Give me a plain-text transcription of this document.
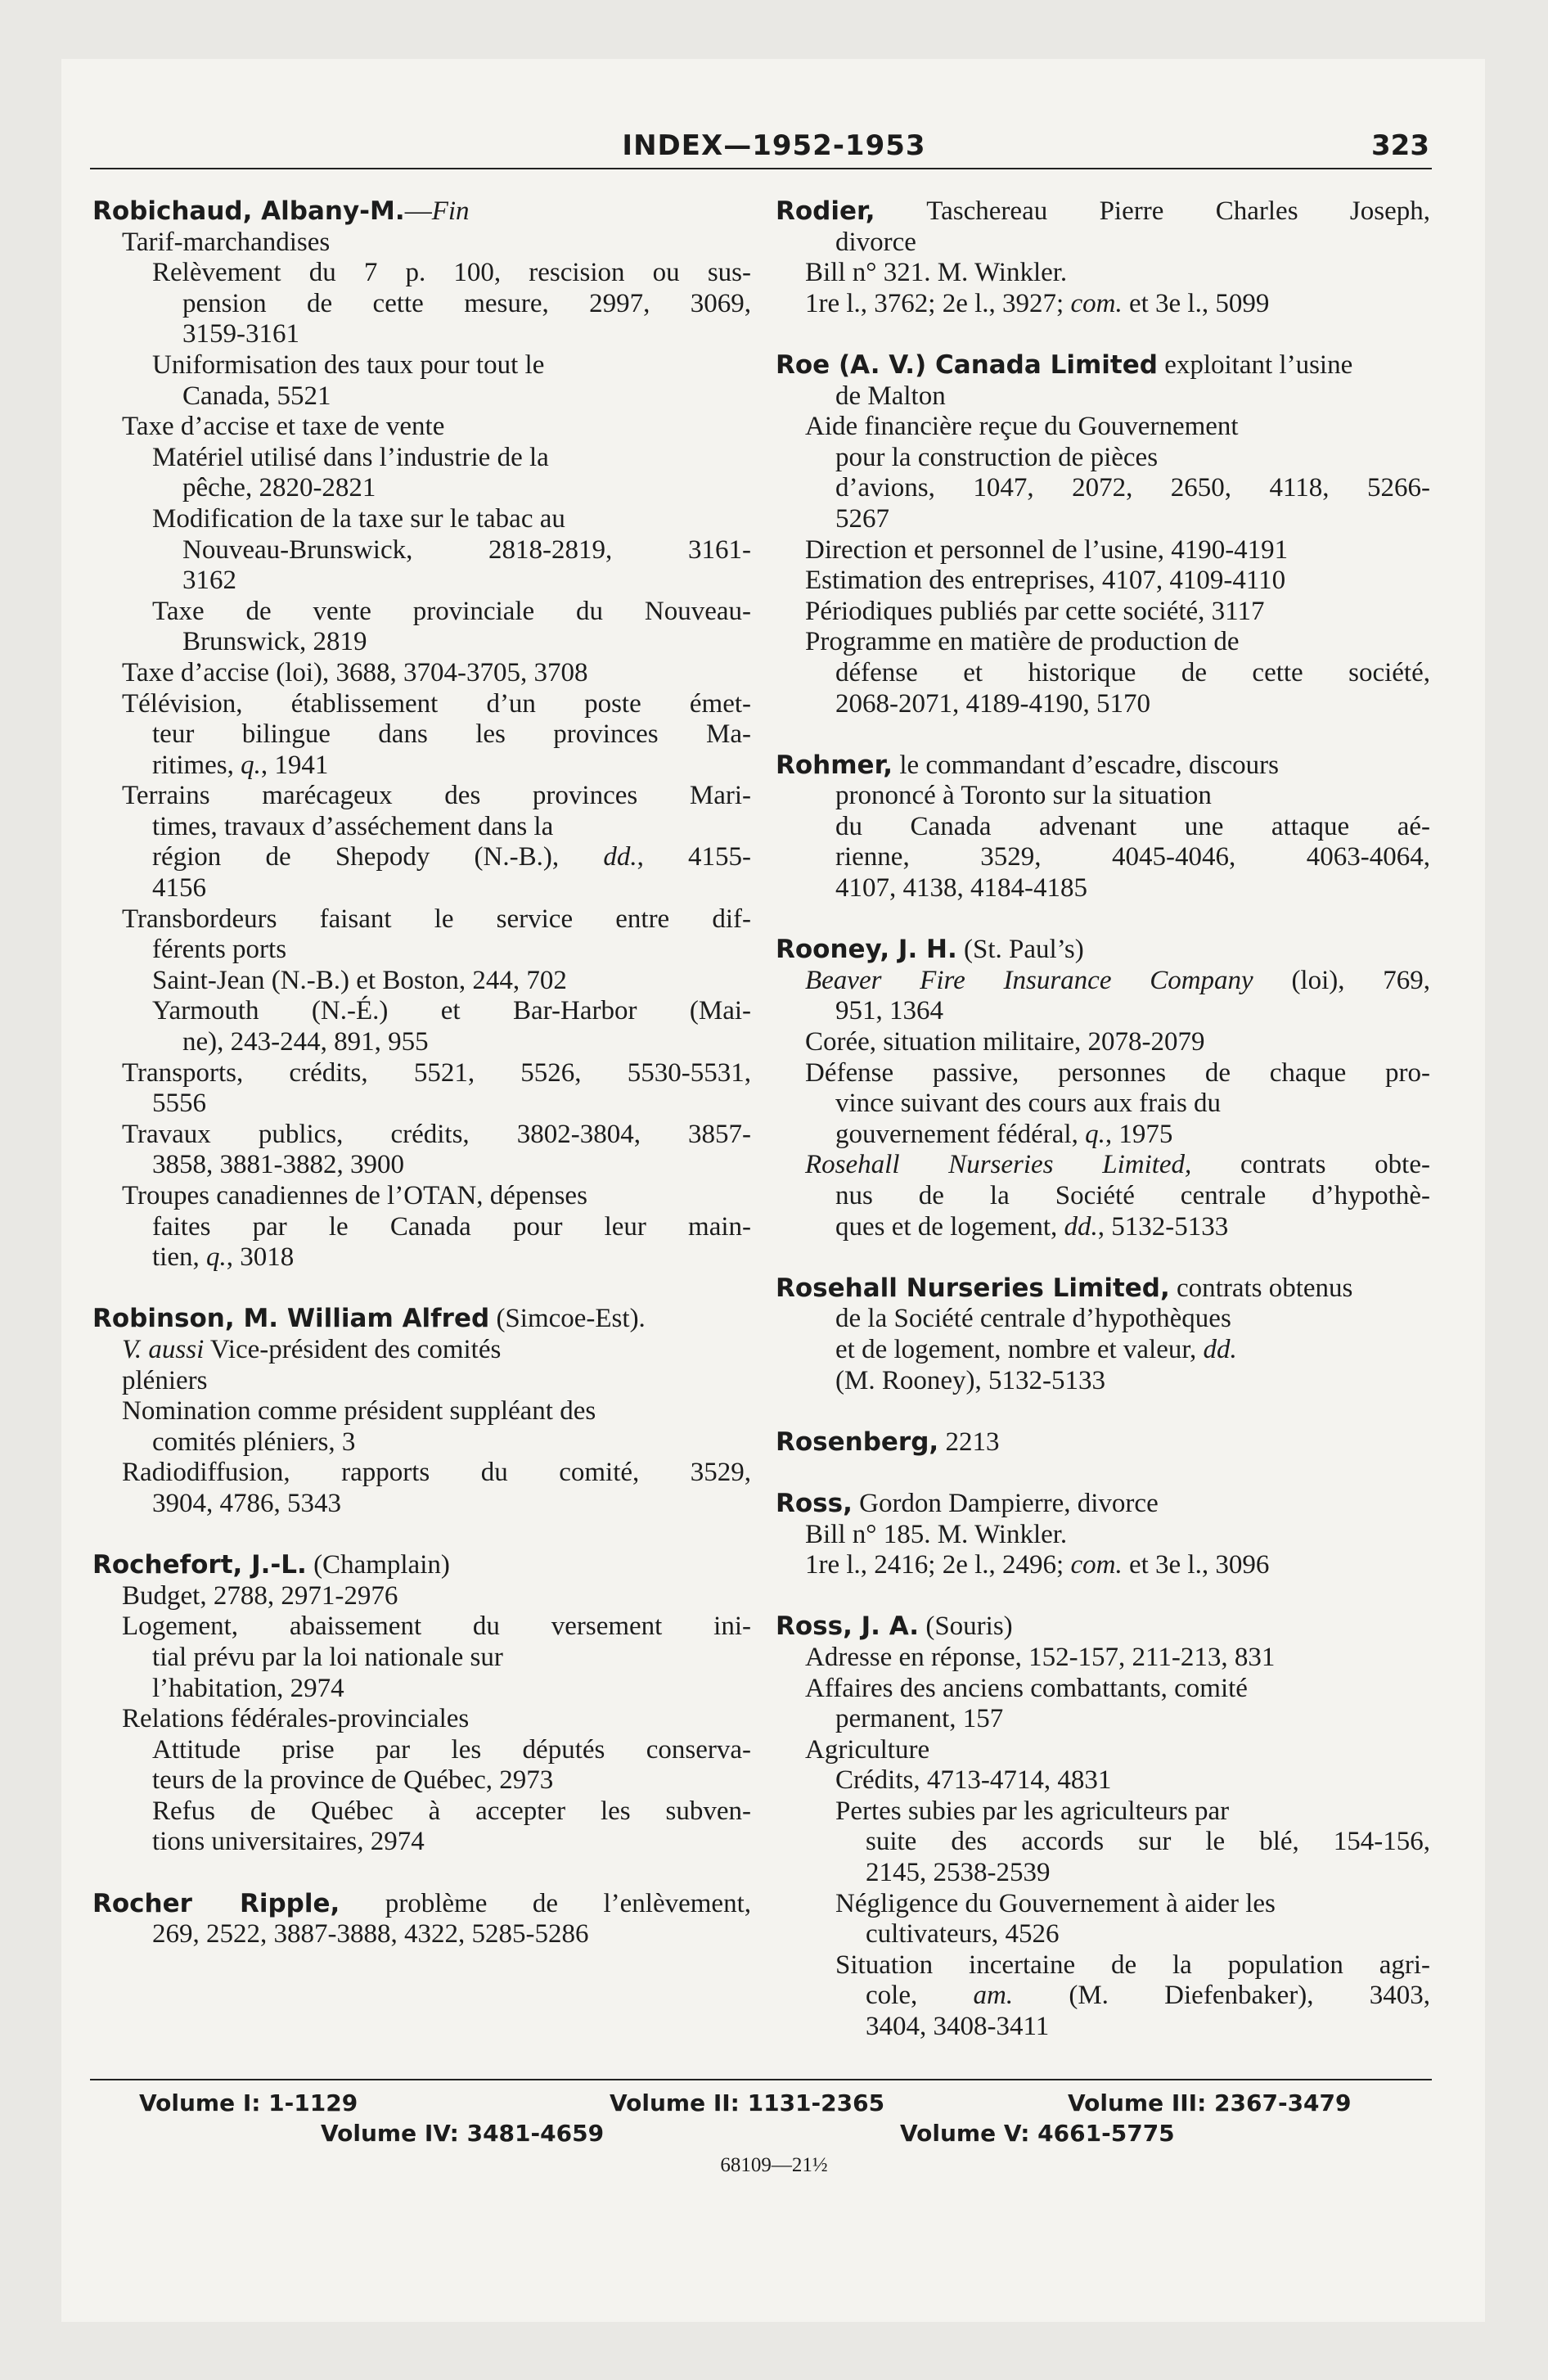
INDEX—1952-1953	323
Robichaud, Albany-M.—Fin
Tarif-marchandises
Relèvement du 7 p. 100, rescision ou sus-
pension de cette mesure, 2997, 3069,
3159-3161
Uniformisation des taux pour tout le
Canada, 5521
Taxe d’accise et taxe de vente
Matériel utilisé dans l’industrie de la
pêche, 2820-2821
Modification de la taxe sur le tabac au
Nouveau-Brunswick, 2818-2819, 3161-
3162
Taxe de vente provinciale du Nouveau-
Brunswick, 2819
Taxe d’accise (loi), 3688, 3704-3705, 3708
Télévision, établissement d’un poste émet-
teur bilingue dans les provinces Ma-
ritimes, q., 1941
Terrains marécageux des provinces Mari-
times, travaux d’asséchement dans la
région de Shepody (N.-B.), dd., 4155-
4156
Transbordeurs faisant le service entre dif-
férents ports
Saint-Jean (N.-B.) et Boston, 244, 702
Yarmouth (N.-É.) et Bar-Harbor (Mai-
ne), 243-244, 891, 955
Transports, crédits, 5521, 5526, 5530-5531,
5556
Travaux publics, crédits, 3802-3804, 3857-
3858, 3881-3882, 3900
Troupes canadiennes de l’OTAN, dépenses
faites par le Canada pour leur main-
tien, q., 3018
Robinson, M. William Alfred (Simcoe-Est).
V. aussi Vice-président des comités
pléniers
Nomination comme président suppléant des
comités pléniers, 3
Radiodiffusion, rapports du comité, 3529,
3904, 4786, 5343
Rochefort, J.-L. (Champlain)
Budget, 2788, 2971-2976
Logement, abaissement du versement ini-
tial prévu par la loi nationale sur
l’habitation, 2974
Relations fédérales-provinciales
Attitude prise par les députés conserva-
teurs de la province de Québec, 2973
Refus de Québec à accepter les subven-
tions universitaires, 2974
Rocher Ripple, problème de l’enlèvement,
269, 2522, 3887-3888, 4322, 5285-5286
Rodier, Taschereau Pierre Charles Joseph,
divorce
Bill n° 321. M. Winkler.
1re l., 3762; 2e l., 3927; com. et 3e l., 5099
Roe (A. V.) Canada Limited exploitant l’usine
de Malton
Aide financière reçue du Gouvernement
pour la construction de pièces
d’avions, 1047, 2072, 2650, 4118, 5266-
5267
Direction et personnel de l’usine, 4190-4191
Estimation des entreprises, 4107, 4109-4110
Périodiques publiés par cette société, 3117
Programme en matière de production de
défense et historique de cette société,
2068-2071, 4189-4190, 5170
Rohmer, le commandant d’escadre, discours
prononcé à Toronto sur la situation
du Canada advenant une attaque aé-
rienne, 3529, 4045-4046, 4063-4064,
4107, 4138, 4184-4185
Rooney, J. H. (St. Paul’s)
Beaver Fire Insurance Company (loi), 769,
951, 1364
Corée, situation militaire, 2078-2079
Défense passive, personnes de chaque pro-
vince suivant des cours aux frais du
gouvernement fédéral, q., 1975
Rosehall Nurseries Limited, contrats obte-
nus de la Société centrale d’hypothè-
ques et de logement, dd., 5132-5133
Rosehall Nurseries Limited, contrats obtenus
de la Société centrale d’hypothèques
et de logement, nombre et valeur, dd.
(M. Rooney), 5132-5133
Rosenberg, 2213
Ross, Gordon Dampierre, divorce
Bill n° 185. M. Winkler.
1re l., 2416; 2e l., 2496; com. et 3e l., 3096
Ross, J. A. (Souris)
Adresse en réponse, 152-157, 211-213, 831
Affaires des anciens combattants, comité
permanent, 157
Agriculture
Crédits, 4713-4714, 4831
Pertes subies par les agriculteurs par
suite des accords sur le blé, 154-156,
2145, 2538-2539
Négligence du Gouvernement à aider les
cultivateurs, 4526
Situation incertaine de la population agri-
cole, am. (M. Diefenbaker), 3403,
3404, 3408-3411
Volume I: 1-1129	Volume II: 1131-2365	Volume III: 2367-3479
Volume IV: 3481-4659	Volume V: 4661-5775
68109—21½
